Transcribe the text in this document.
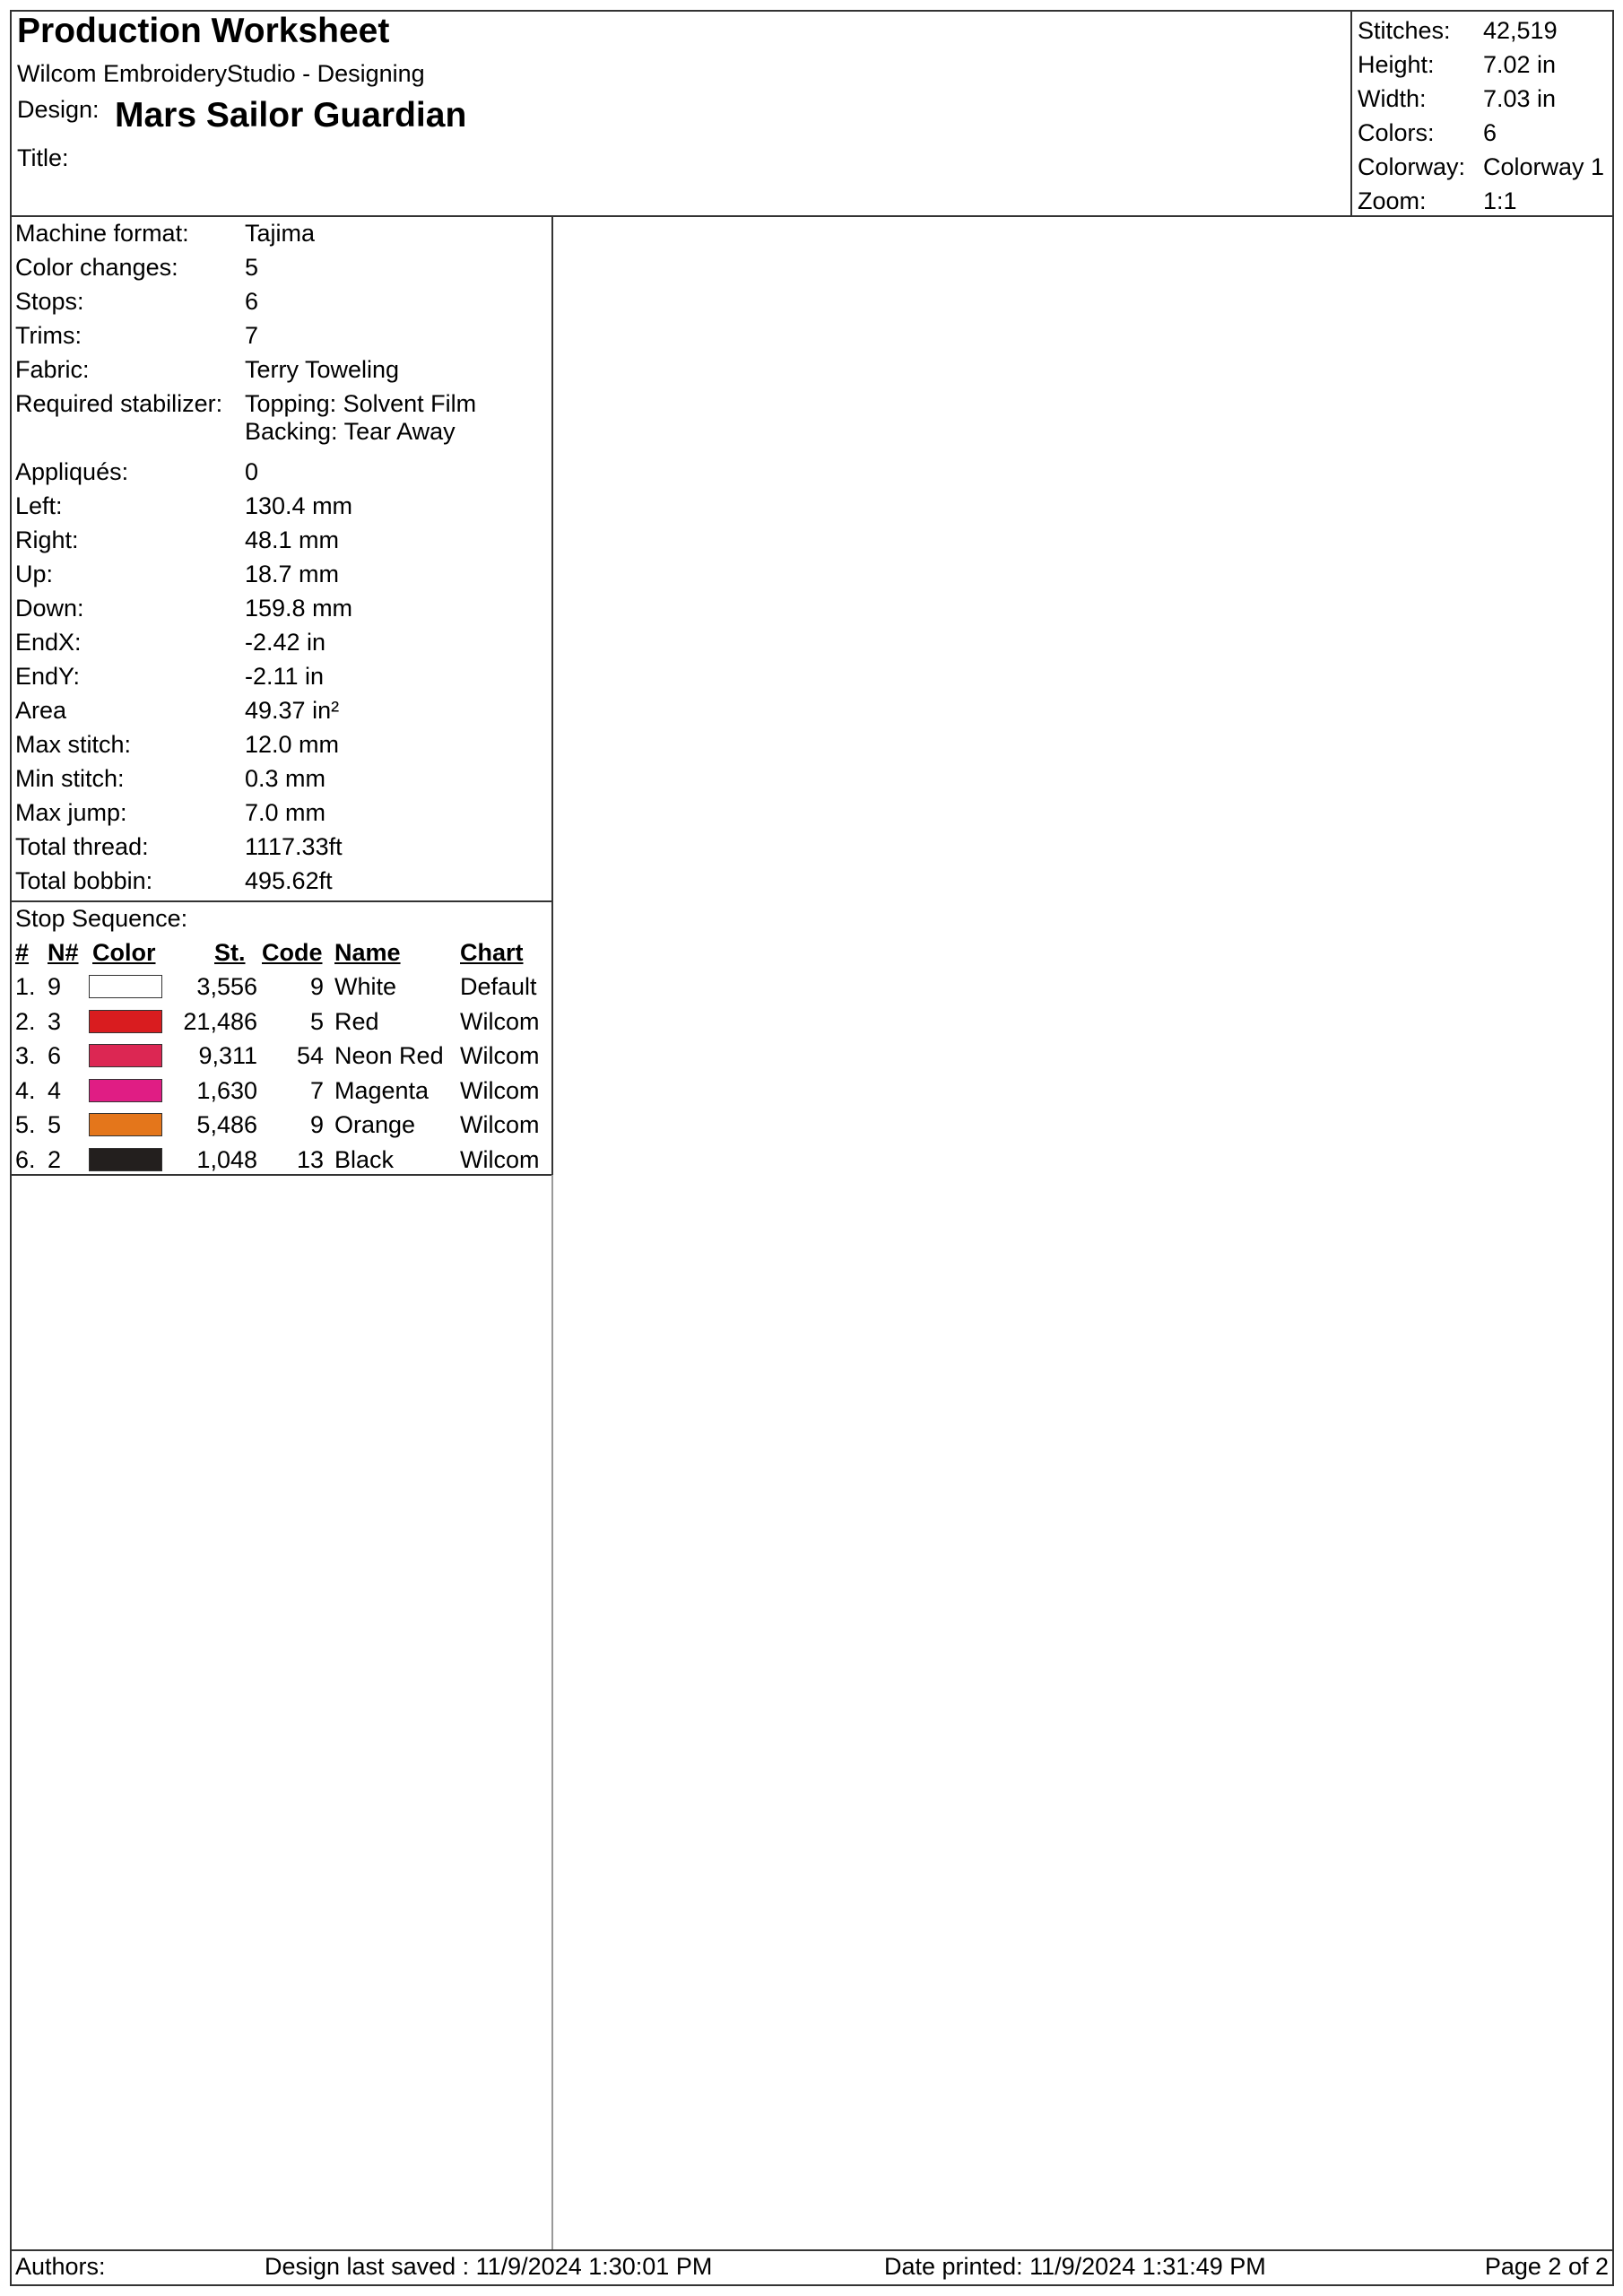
Production Worksheet
Wilcom EmbroideryStudio - Designing
Design: Mars Sailor Guardian
Title:
Stitches: 42,519
Height: 7.02 in
Width: 7.03 in
Colors: 6
Colorway: Colorway 1
Zoom: 1:1
Machine format: Tajima
Color changes:	5
Stops:	6
Trims:	7
Fabric:	Terry Toweling
Required stabilizer: Topping: Solvent Film
Backing: Tear Away
Appliqués:	0
Left:	130.4 mm
Right:	48.1 mm
Up:	18.7 mm
Down:	159.8 mm
EndX:	-2.42 in
EndY:	-2.11 in
Area	49.37 in²
Max stitch:	12.0 mm
Min stitch:	0.3 mm
Max jump:	7.0 mm
Total thread:	1117.33ft
Total bobbin:	495.62ft
Stop Sequence:
# N# Color St. Code Name Chart
1. 9	3,556 9 White	Default
2. 3	21,486 5 Red	Wilcom
3. 6	9,311 54 Neon Red Wilcom
4. 4	1,630 7 Magenta Wilcom
5. 5	5,486 9 Orange Wilcom
6. 2	1,048 13 Black	Wilcom
Authors:	Design last saved : 11/9/2024 1:30:01 PM	Date printed: 11/9/2024 1:31:49 PM	Page 2 of 2
